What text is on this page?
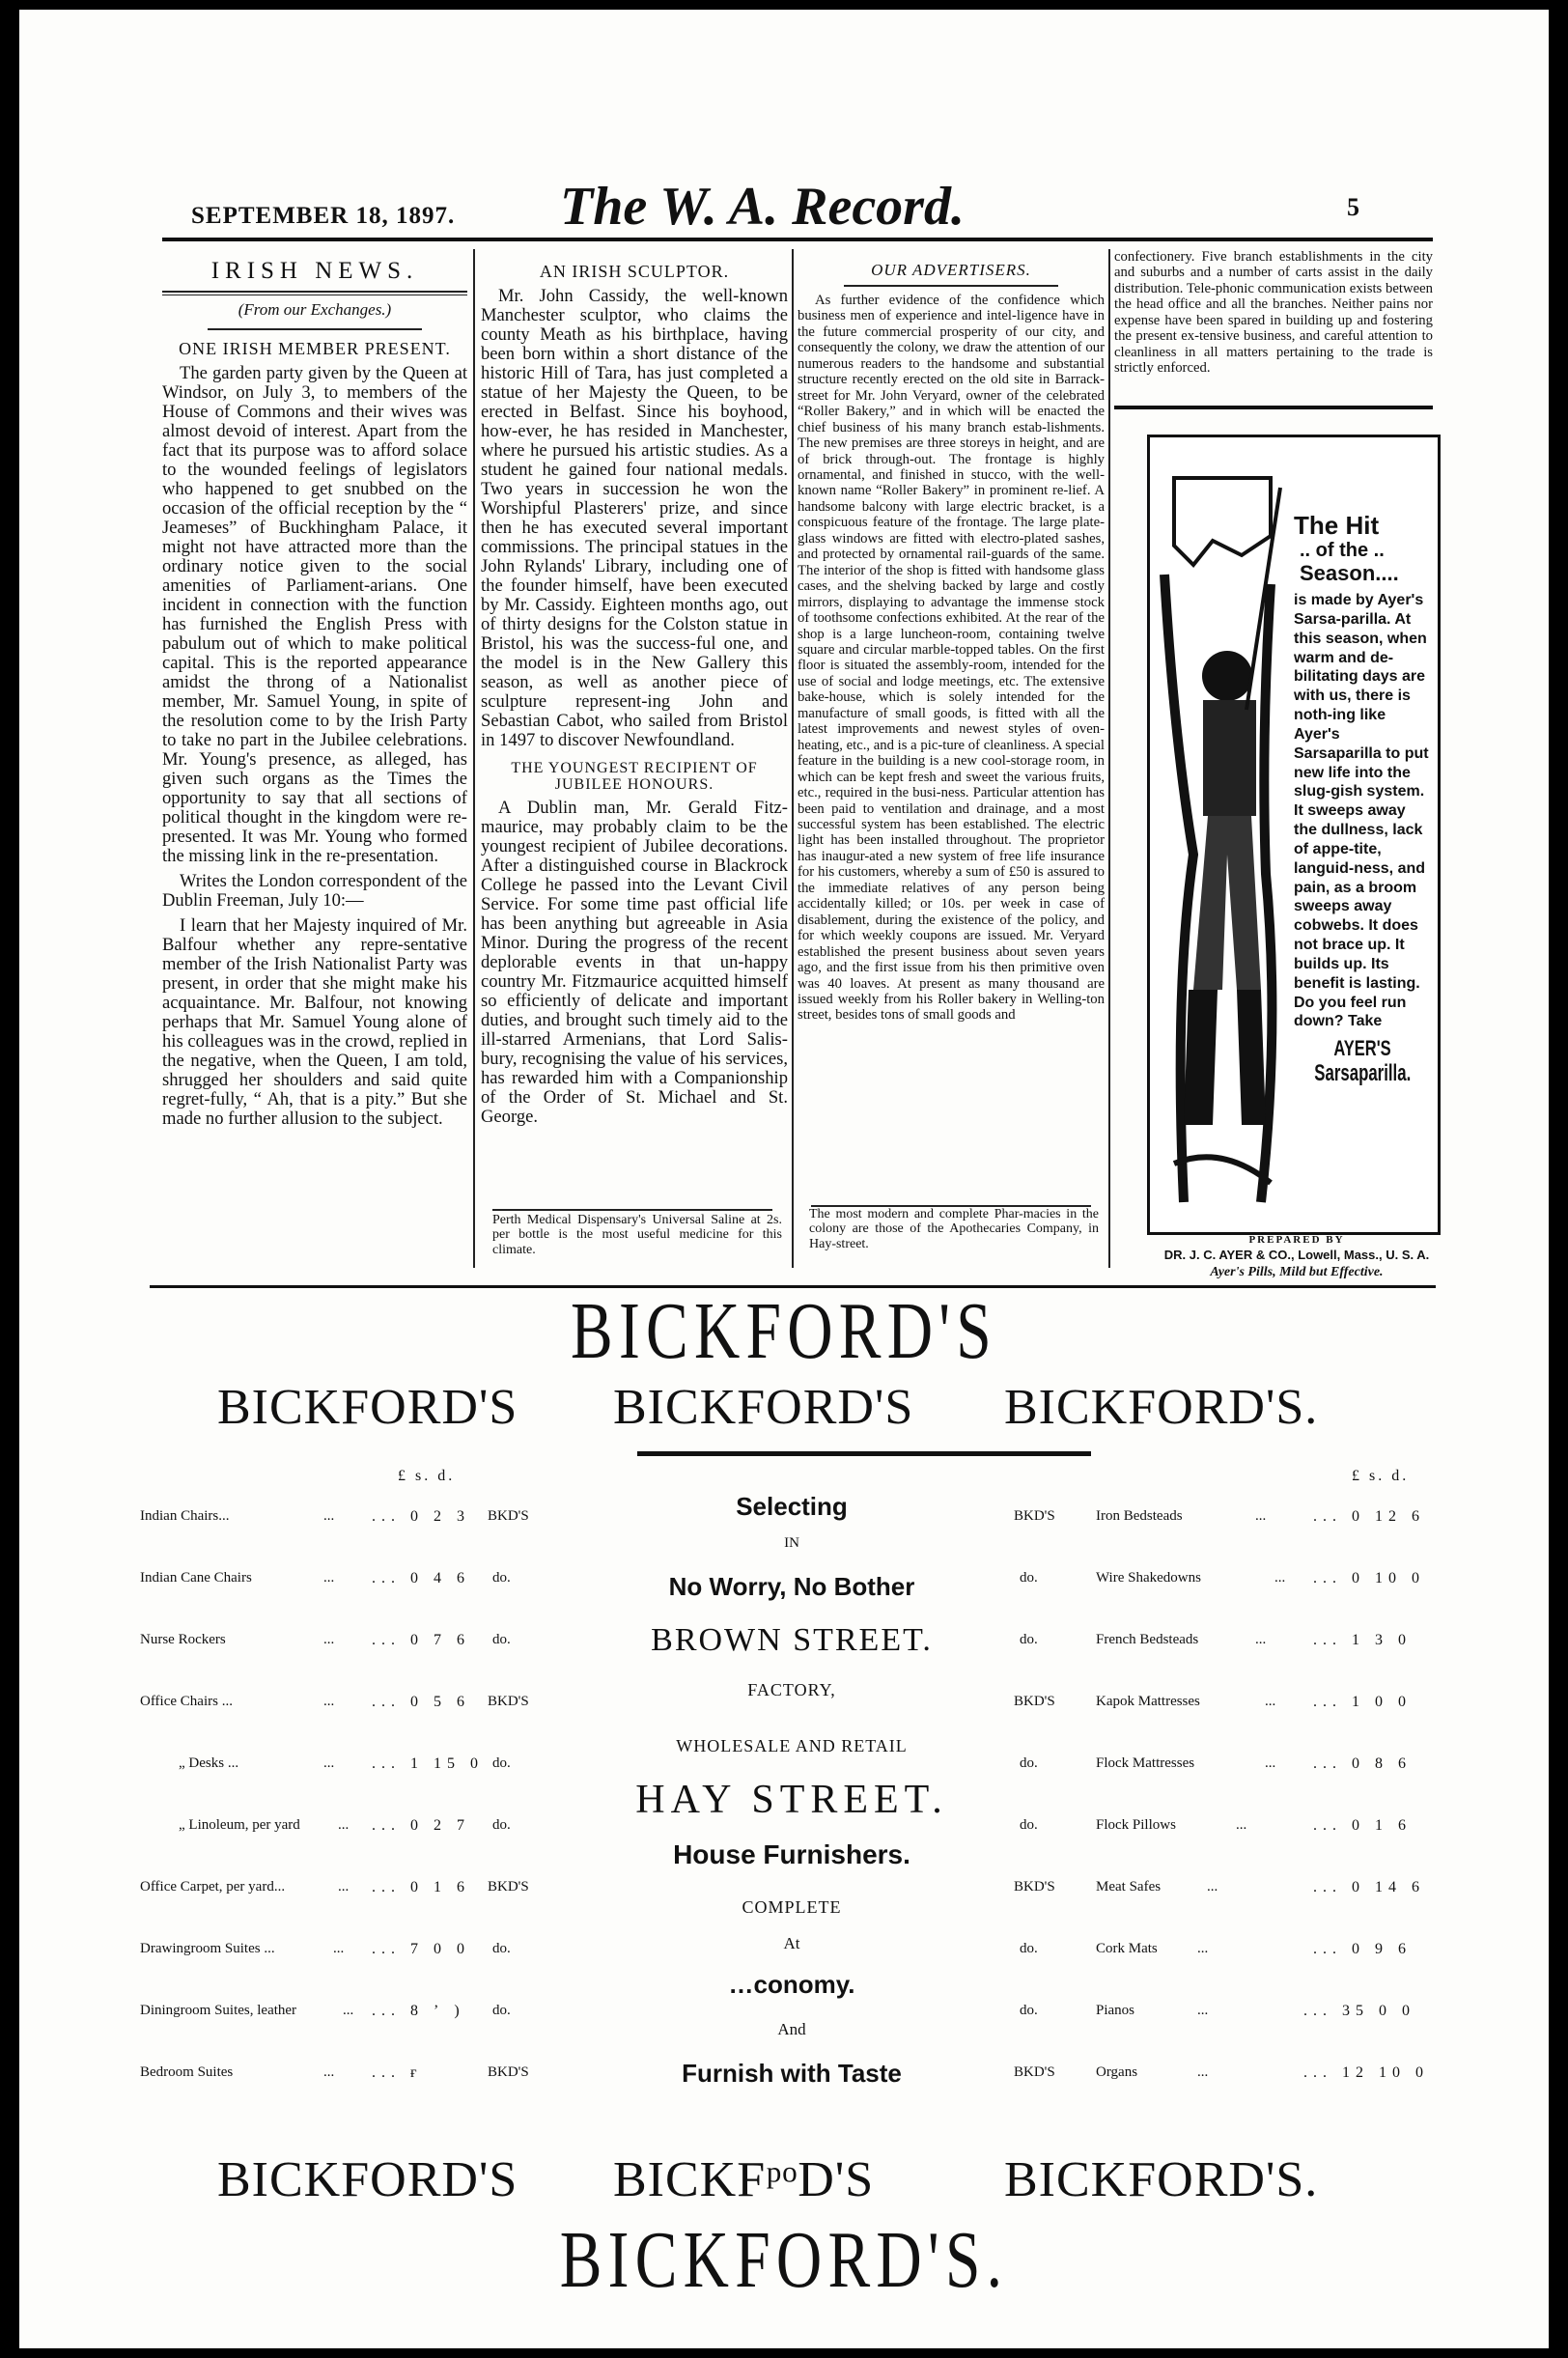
SEPTEMBER 18, 1897. The W. A. Record.	5
IRISH NEWS.
(From our Exchanges.)
ONE IRISH MEMBER PRESENT.

The garden party given by the Queen at Windsor, on July 3, to members of the House of Commons and their wives was almost devoid of interest. Apart from the fact that its purpose was to afford solace to the wounded feelings of legislators who happened to get snubbed on the occasion of the official reception by the “ Jeameses” of Buckhingham Palace, it might not have attracted more than the ordinary notice given to the social amenities of Parliament-arians. One incident in connection with the function has furnished the English Press with pabulum out of which to make political capital. This is the reported appearance amidst the throng of a Nationalist member, Mr. Samuel Young, in spite of the resolution come to by the Irish Party to take no part in the Jubilee celebrations. Mr. Young's presence, as alleged, has given such organs as the Times the opportunity to say that all sections of political thought in the kingdom were re-presented. It was Mr. Young who formed the missing link in the re-presentation.

Writes the London correspondent of the Dublin Freeman, July 10:—

I learn that her Majesty inquired of Mr. Balfour whether any repre-sentative member of the Irish Nationalist Party was present, in order that she might make his acquaintance. Mr. Balfour, not knowing perhaps that Mr. Samuel Young alone of his colleagues was in the crowd, replied in the negative, when the Queen, I am told, shrugged her shoulders and said quite regret-fully, “ Ah, that is a pity.” But she made no further allusion to the subject.

AN IRISH SCULPTOR.

Mr. John Cassidy, the well-known Manchester sculptor, who claims the county Meath as his birthplace, having been born within a short distance of the historic Hill of Tara, has just completed a statue of her Majesty the Queen, to be erected in Belfast. Since his boyhood, how-ever, he has resided in Manchester, where he pursued his artistic studies. As a student he gained four national medals. Two years in succession he won the Worshipful Plasterers' prize, and since then he has executed several important commissions. The principal statues in the John Rylands' Library, including one of the founder himself, have been executed by Mr. Cassidy. Eighteen months ago, out of thirty designs for the Colston statue in Bristol, his was the success-ful one, and the model is in the New Gallery this season, as well as another piece of sculpture represent-ing John and Sebastian Cabot, who sailed from Bristol in 1497 to discover Newfoundland.

THE YOUNGEST RECIPIENT OF JUBILEE HONOURS.

A Dublin man, Mr. Gerald Fitz-maurice, may probably claim to be the youngest recipient of Jubilee decorations. After a distinguished course in Blackrock College he passed into the Levant Civil Service. For some time past official life has been anything but agreeable in Asia Minor. During the progress of the recent deplorable events in that un-happy country Mr. Fitzmaurice acquitted himself so efficiently of delicate and important duties, and brought such timely aid to the ill-starred Armenians, that Lord Salis-bury, recognising the value of his services, has rewarded him with a Companionship of the Order of St. Michael and St. George.

Perth Medical Dispensary's Universal Saline at 2s. per bottle is the most useful medicine for this climate.
OUR ADVERTISERS.

As further evidence of the confidence which business men of experience and intel-ligence have in the future commercial prosperity of our city, and consequently the colony, we draw the attention of our numerous readers to the handsome and substantial structure recently erected on the old site in Barrack-street for Mr. John Veryard, owner of the celebrated “Roller Bakery,” and in which will be enacted the chief business of his many branch estab-lishments. The new premises are three storeys in height, and are of brick through-out. The frontage is highly ornamental, and finished in stucco, with the well-known name “Roller Bakery” in prominent re-lief. A handsome balcony with large electric bracket, is a conspicuous feature of the frontage. The large plate-glass windows are fitted with electro-plated sashes, and protected by ornamental rail-guards of the same. The interior of the shop is fitted with handsome glass cases, and the shelving backed by large and costly mirrors, displaying to advantage the immense stock of toothsome confections exhibited. At the rear of the shop is a large luncheon-room, containing twelve square and circular marble-topped tables. On the first floor is situated the assembly-room, intended for the use of social and lodge meetings, etc. The extensive bake-house, which is solely intended for the manufacture of small goods, is fitted with all the latest improvements and newest styles of oven-heating, etc., and is a pic-ture of cleanliness. A special feature in the building is a new cool-storage room, in which can be kept fresh and sweet the various fruits, etc., required in the busi-ness. Particular attention has been paid to ventilation and drainage, and a most successful system has been established. The electric light has been installed throughout. The proprietor has inaugur-ated a new system of free life insurance for his customers, whereby a sum of £50 is assured to the immediate relatives of any person being accidentally killed; or 10s. per week in case of disablement, during the existence of the policy, and for which weekly coupons are issued. Mr. Veryard established the present business about seven years ago, and the first issue from his then primitive oven was 40 loaves. At present as many thousand are issued weekly from his Roller bakery in Welling-ton street, besides tons of small goods and

The most modern and complete Phar-macies in the colony are those of the Apothecaries Company, in Hay-street.

confectionery. Five branch establishments in the city and suburbs and a number of carts assist in the daily distribution. Tele-phonic communication exists between the head office and all the branches. Neither pains nor expense have been spared in building up and fostering the present ex-tensive business, and careful attention to cleanliness in all matters pertaining to the trade is strictly enforced.

The Hit
.. of the ..
Season....
is made by Ayer's Sarsa-parilla. At this season, when warm and de-bilitating days are with us, there is noth-ing like Ayer's Sarsaparilla to put new life into the slug-gish system. It sweeps away the dullness, lack of appe-tite, languid-ness, and pain, as a broom sweeps away cobwebs. It does not brace up. It builds up. Its benefit is lasting. Do you feel run down? Take
AYER'S
Sarsaparilla.
PREPARED BY
DR. J. C. AYER & CO., Lowell, Mass., U. S. A.
Ayer's Pills, Mild but Effective.
BICKFORD'S
BICKFORD'S BICKFORD'S BICKFORD'S.
£ s. d.	£ s. d.
Indian Chairs...	... ... 0 2 3 BKD'S
Indian Cane Chairs	... ... 0 4 6 do.
Nurse Rockers	... ... 0 7 6 do.
Office Chairs ...	... ... 0 5 6 BKD'S
„ Desks ...	... ... 1 15 0 do.
„ Linoleum, per yard	... ... 0 2 7 do.
Office Carpet, per yard...	... ... 0 1 6 BKD'S
Drawingroom Suites ...	... ... 7 0 0 do.
Diningroom Suites, leather	... ... 8 ʼ ) do.
Bedroom Suites	... ... ғ	BKD'S
Selecting
IN
No Worry, No Bother
BROWN STREET.
FACTORY,
WHOLESALE AND RETAIL
HAY STREET.
House Furnishers.
COMPLETE
At
…conomy.
And
Furnish with Taste
BKD'S	Iron Bedsteads	...	... 0 12 6
do.	Wire Shakedowns	... ... 0 10 0
do.	French Bedsteads	...	... 1 3 0
BKD'S	Kapok Mattresses	... ... 1 0 0
do.	Flock Mattresses	... ... 0 8 6
do.	Flock Pillows	...	... 0 1 6
BKD'S	Meat Safes	...	... 0 14 6
do.	Cork Mats	...	... 0 9 6
do.	Pianos	...	... 35 0 0
BKD'S	Organs	...	... 12 10 0
BICKFORD'S BICKFᵖᵒD'S	BICKFORD'S.
BICKFORD'S.
